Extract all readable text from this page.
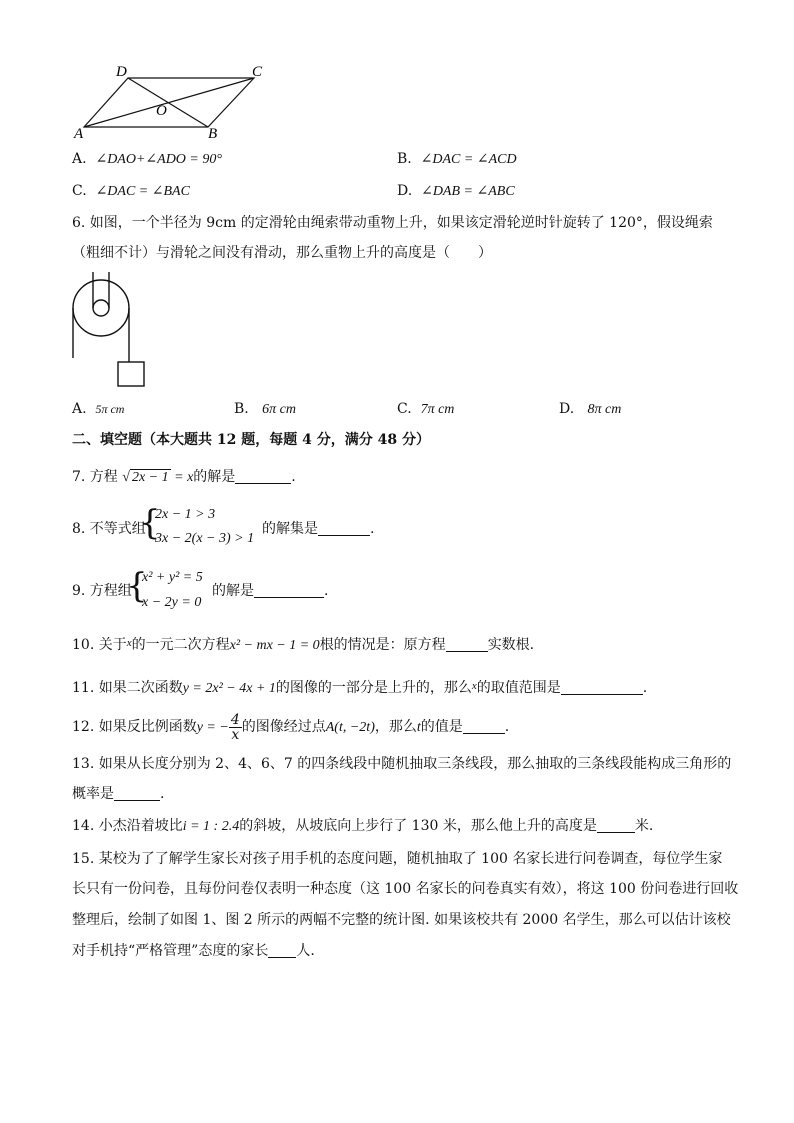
D	C
O
A	B
A. ∠DAO+∠ADO = 90°	B. ∠DAC = ∠ACD
C. ∠DAC = ∠BAC	D. ∠DAB = ∠ABC
6. 如图，一个半径为 9cm 的定滑轮由绳索带动重物上升，如果该定滑轮逆时针旋转了 120°，假设绳索
（粗细不计）与滑轮之间没有滑动，那么重物上升的高度是（　　）
A. 5π cm	B. 6π cm	C. 7π cm	D. 8π cm
二、填空题（本大题共 12 题，每题 4 分，满分 48 分）
7. 方程 √ 2x − 1 = x的解是	.
8. 不等式组
{
2x − 1 > 3
3x − 2(x − 3) > 1
的解集是	.
9. 方程组
{
x² + y² = 5
x − 2y = 0
的解是	.
10. 关于$^x$的一元二次方程x² − mx − 1 = 0根的情况是：原方程	实数根.
11. 如果二次函数y = 2x² − 4x + 1的图像的一部分是上升的，那么$^x$的取值范围是	.
12. 如果反比例函数y = − $\frac{4}{x}$ 的图像经过点A(t, −2t)，那么t的值是	.
13. 如果从长度分别为 2、4、6、7 的四条线段中随机抽取三条线段，那么抽取的三条线段能构成三角形的
概率是	.
14. 小杰沿着坡比i = 1 : 2.4的斜坡，从坡底向上步行了 130 米，那么他上升的高度是	米.
15. 某校为了了解学生家长对孩子用手机的态度问题，随机抽取了 100 名家长进行问卷调查，每位学生家
长只有一份问卷，且每份问卷仅表明一种态度（这 100 名家长的问卷真实有效），将这 100 份问卷进行回收
整理后，绘制了如图 1、图 2 所示的两幅不完整的统计图. 如果该校共有 2000 名学生，那么可以估计该校
对手机持“严格管理”态度的家长 人.
